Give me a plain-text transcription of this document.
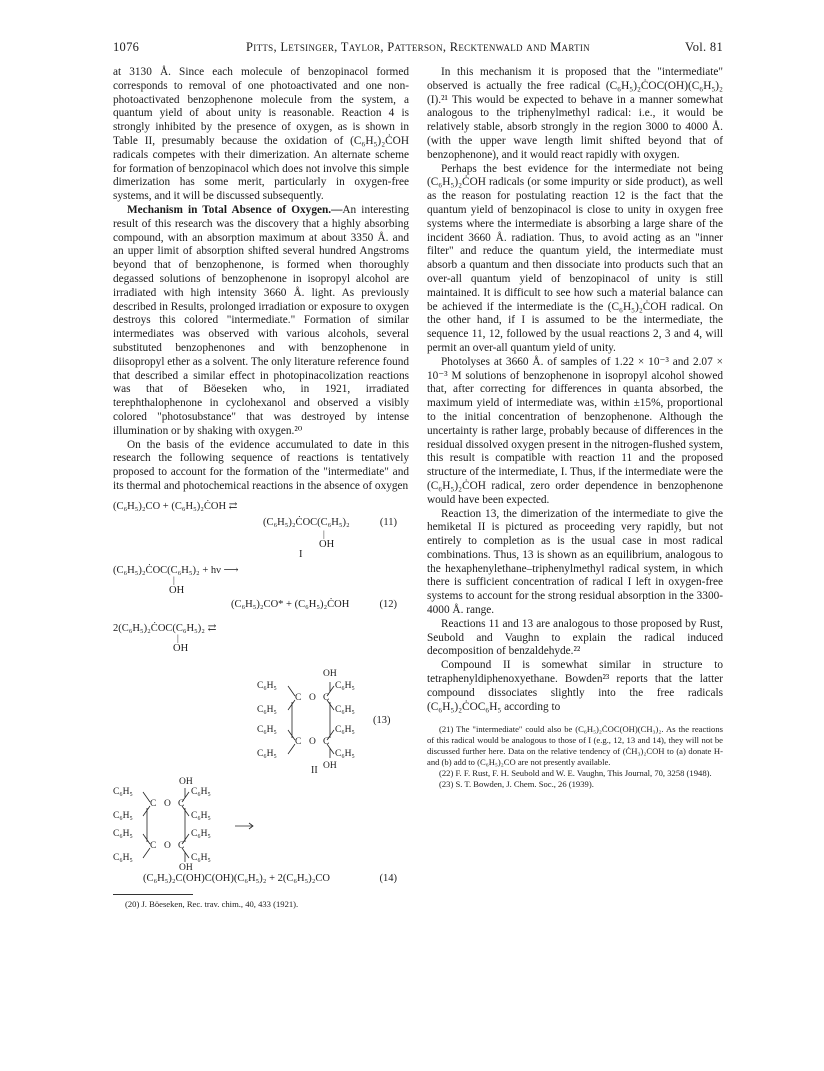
1076	Pitts, Letsinger, Taylor, Patterson, Recktenwald and Martin	Vol. 81

at 3130 Å. Since each molecule of benzopinacol formed corresponds to removal of one photoactivated and one non-photoactivated benzophenone molecule from the system, a quantum yield of about unity is reasonable. Reaction 4 is strongly inhibited by the presence of oxygen, as is shown in Table II, presumably because the oxidation of (C₆H₅)₂ĊOH radicals competes with their dimerization. An alternate scheme for formation of benzopinacol which does not involve this simple dimerization has some merit, particularly in oxygen-free systems, and it will be discussed subsequently.

Mechanism in Total Absence of Oxygen.—An interesting result of this research was the discovery that a highly absorbing compound, with an absorption maximum at about 3350 Å. and an upper limit of absorption shifted several hundred Angstroms beyond that of benzophenone, is formed when thoroughly degassed solutions of benzophenone in isopropyl alcohol are irradiated with high intensity 3660 Å. light. As previously described in Results, prolonged irradiation or exposure to oxygen destroys this colored "intermediate." Formation of similar intermediates was observed with various alcohols, several substituted benzophenones and with benzophenone in diisopropyl ether as a solvent. The only literature reference found that described a similar effect in photopinacolization reactions was that of Böeseken who, in 1921, irradiated terephthalophenone in cyclohexanol and observed a visibly colored "photosubstance" that was destroyed by intense illumination or by shaking with oxygen.²⁰

On the basis of the evidence accumulated to date in this research the following sequence of reactions is tentatively proposed to account for the formation of the "intermediate" and its thermal and photochemical reactions in the absence of oxygen

(C₆H₅)₂CO + (C₆H₅)₂ĊOH ⇄
(C₆H₅)₂ĊOC(C₆H₅)₂
|
OH
I
(11)
(C₆H₅)₂ĊOC(C₆H₅)₂ + hν ⟶
|
OH
(C₆H₅)₂CO* + (C₆H₅)₂ĊOH	(12)
2(C₆H₅)₂ĊOC(C₆H₅)₂ ⇄
|
OH
OH
C₆H₅	C₆H₅
C O C
C₆H₅	C₆H₅
C₆H₅	C₆H₅
C O C
C₆H₅	C₆H₅
OH
II
(13)
OH
C₆H₅	C₆H₅
C O C
C₆H₅	C₆H₅
C₆H₅	C₆H₅
C O C
C₆H₅	C₆H₅
OH
(C₆H₅)₂C(OH)C(OH)(C₆H₅)₂ + 2(C₆H₅)₂CO	(14)

(20) J. Böeseken, Rec. trav. chim., 40, 433 (1921).

In this mechanism it is proposed that the "intermediate" observed is actually the free radical (C₆H₅)₂ĊOC(OH)(C₆H₅)₂ (I).²¹ This would be expected to behave in a manner somewhat analogous to the triphenylmethyl radical: i.e., it would be relatively stable, absorb strongly in the region 3000 to 4000 Å. (with the upper wave length limit shifted beyond that of benzophenone), and it would react rapidly with oxygen.

Perhaps the best evidence for the intermediate not being (C₆H₅)₂ĊOH radicals (or some impurity or side product), as well as the reason for postulating reaction 12 is the fact that the quantum yield of benzopinacol is close to unity in oxygen free systems where the intermediate is absorbing a large share of the incident 3660 Å. radiation. Thus, to avoid acting as an "inner filter" and reduce the quantum yield, the intermediate must absorb a quantum and then dissociate into products such that an over-all quantum yield of benzopinacol of unity is still maintained. It is difficult to see how such a material balance can be achieved if the intermediate is the (C₆H₅)₂ĊOH radical. On the other hand, if I is assumed to be the intermediate, the sequence 11, 12, followed by the usual reactions 2, 3 and 4, will permit an over-all quantum yield of unity.

Photolyses at 3660 Å. of samples of 1.22 × 10⁻³ and 2.07 × 10⁻³ M solutions of benzophenone in isopropyl alcohol showed that, after correcting for differences in quanta absorbed, the maximum yield of intermediate was, within ±15%, proportional to the initial concentration of benzophenone. Although the uncertainty is rather large, probably because of differences in the residual dissolved oxygen present in the nitrogen-flushed system, this result is compatible with reaction 11 and the proposed structure of the intermediate, I. Thus, if the intermediate were the (C₆H₅)₂ĊOH radical, zero order dependence in benzophenone would have been expected.

Reaction 13, the dimerization of the intermediate to give the hemiketal II is pictured as proceeding very rapidly, but not entirely to completion as is the usual case in most radical combinations. Thus, 13 is shown as an equilibrium, analogous to the hexaphenylethane–triphenylmethyl radical system, in which there is sufficient concentration of radical I left in oxygen-free systems to account for the strong residual absorption in the 3300-4000 Å. range.

Reactions 11 and 13 are analogous to those proposed by Rust, Seubold and Vaughn to explain the radical induced decomposition of benzaldehyde.²²

Compound II is somewhat similar in structure to tetraphenyldiphenoxyethane. Bowden²³ reports that the latter compound dissociates slightly into the free radicals (C₆H₅)₂ĊOC₆H₅ according to

(21) The "intermediate" could also be (C₆H₅)₂ĊOC(OH)(CH₃)₂. As the reactions of this radical would be analogous to those of I (e.g., 12, 13 and 14), they will not be discussed further here. Data on the relative tendency of (ĊH₃)₂COH to (a) donate H- and (b) add to (C₆H₅)₂CO are not presently available.

(22) F. F. Rust, F. H. Seubold and W. E. Vaughn, This Journal, 70, 3258 (1948).

(23) S. T. Bowden, J. Chem. Soc., 26 (1939).
